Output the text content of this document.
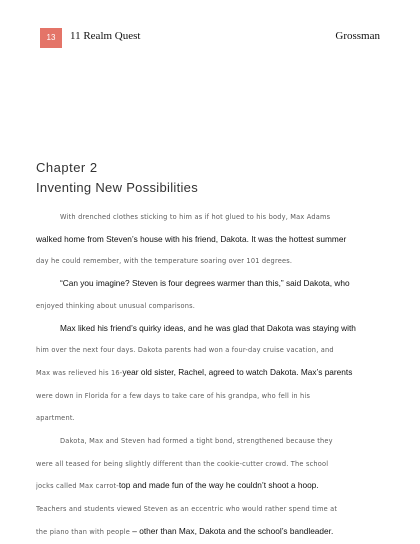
13	11 Realm Quest	Grossman
Chapter 2
Inventing New Possibilities

With drenched clothes sticking to him as if hot glued to his body, Max Adams
walked home from Steven’s house with his friend, Dakota. It was the hottest summer
day he could remember, with the temperature soaring over 101 degrees.

“Can you imagine? Steven is four degrees warmer than this,” said Dakota, who
enjoyed thinking about unusual comparisons.

Max liked his friend’s quirky ideas, and he was glad that Dakota was staying with
him over the next four days. Dakota parents had won a four-day cruise vacation, and
Max was relieved his 16-year old sister, Rachel, agreed to watch Dakota. Max’s parents
were down in Florida for a few days to take care of his grandpa, who fell in his
apartment.

Dakota, Max and Steven had formed a tight bond, strengthened because they
were all teased for being slightly different than the cookie-cutter crowd. The school
jocks called Max carrot-top and made fun of the way he couldn’t shoot a hoop.
Teachers and students viewed Steven as an eccentric who would rather spend time at
the piano than with people – other than Max, Dakota and the school’s bandleader.
